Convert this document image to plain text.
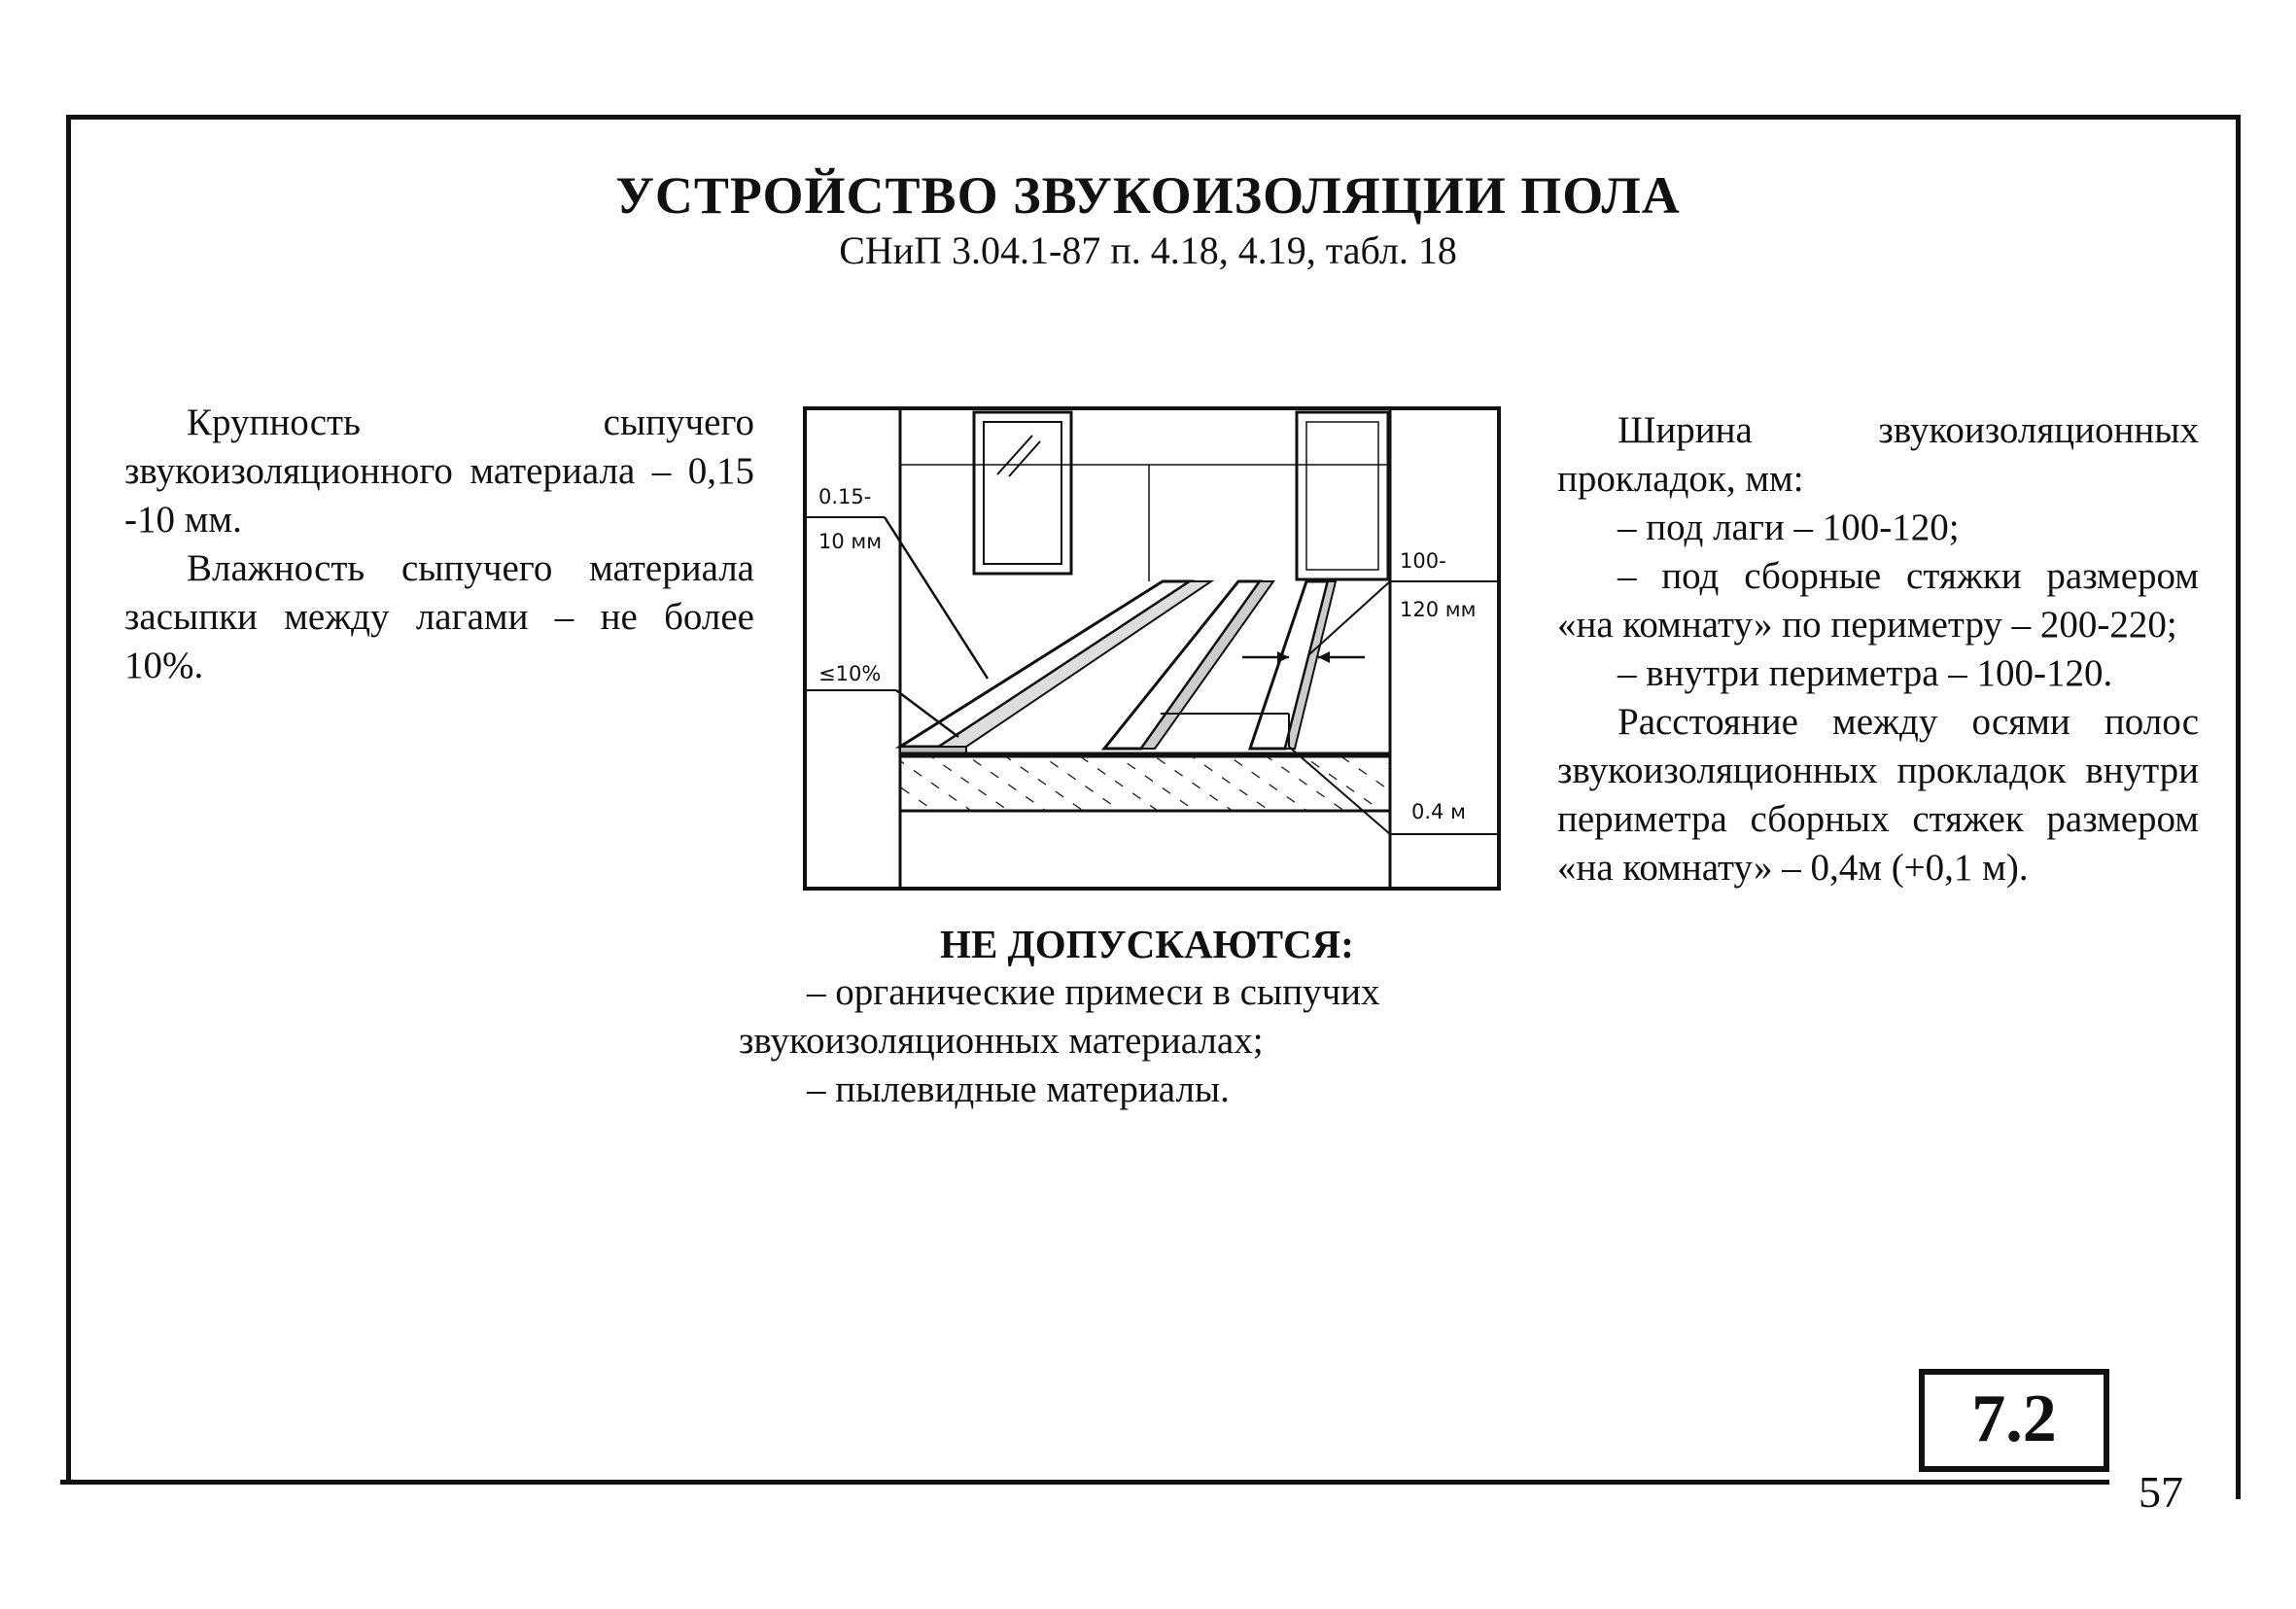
УСТРОЙСТВО ЗВУКОИЗОЛЯЦИИ ПОЛА
СНиП 3.04.1-87 п. 4.18, 4.19, табл. 18

Крупность сыпучего звукоизоляционного материала – 0,15 -10 мм.

Влажность сыпучего материала засыпки между лагами – не более 10%.

0.15-
10 мм
≤10%
100-
120 мм
0.4 м

Ширина звукоизоляционных прокладок, мм:

– под лаги – 100-120;

– под сборные стяжки размером «на комнату» по периметру – 200-220;

– внутри периметра – 100-120.

Расстояние между осями полос звукоизоляционных прокладок внутри периметра сборных стяжек размером «на комнату» – 0,4м (+0,1 м).

НЕ ДОПУСКАЮТСЯ:

– органические примеси в сыпучих звукоизоляционных материалах;

– пылевидные материалы.

7.2
57
